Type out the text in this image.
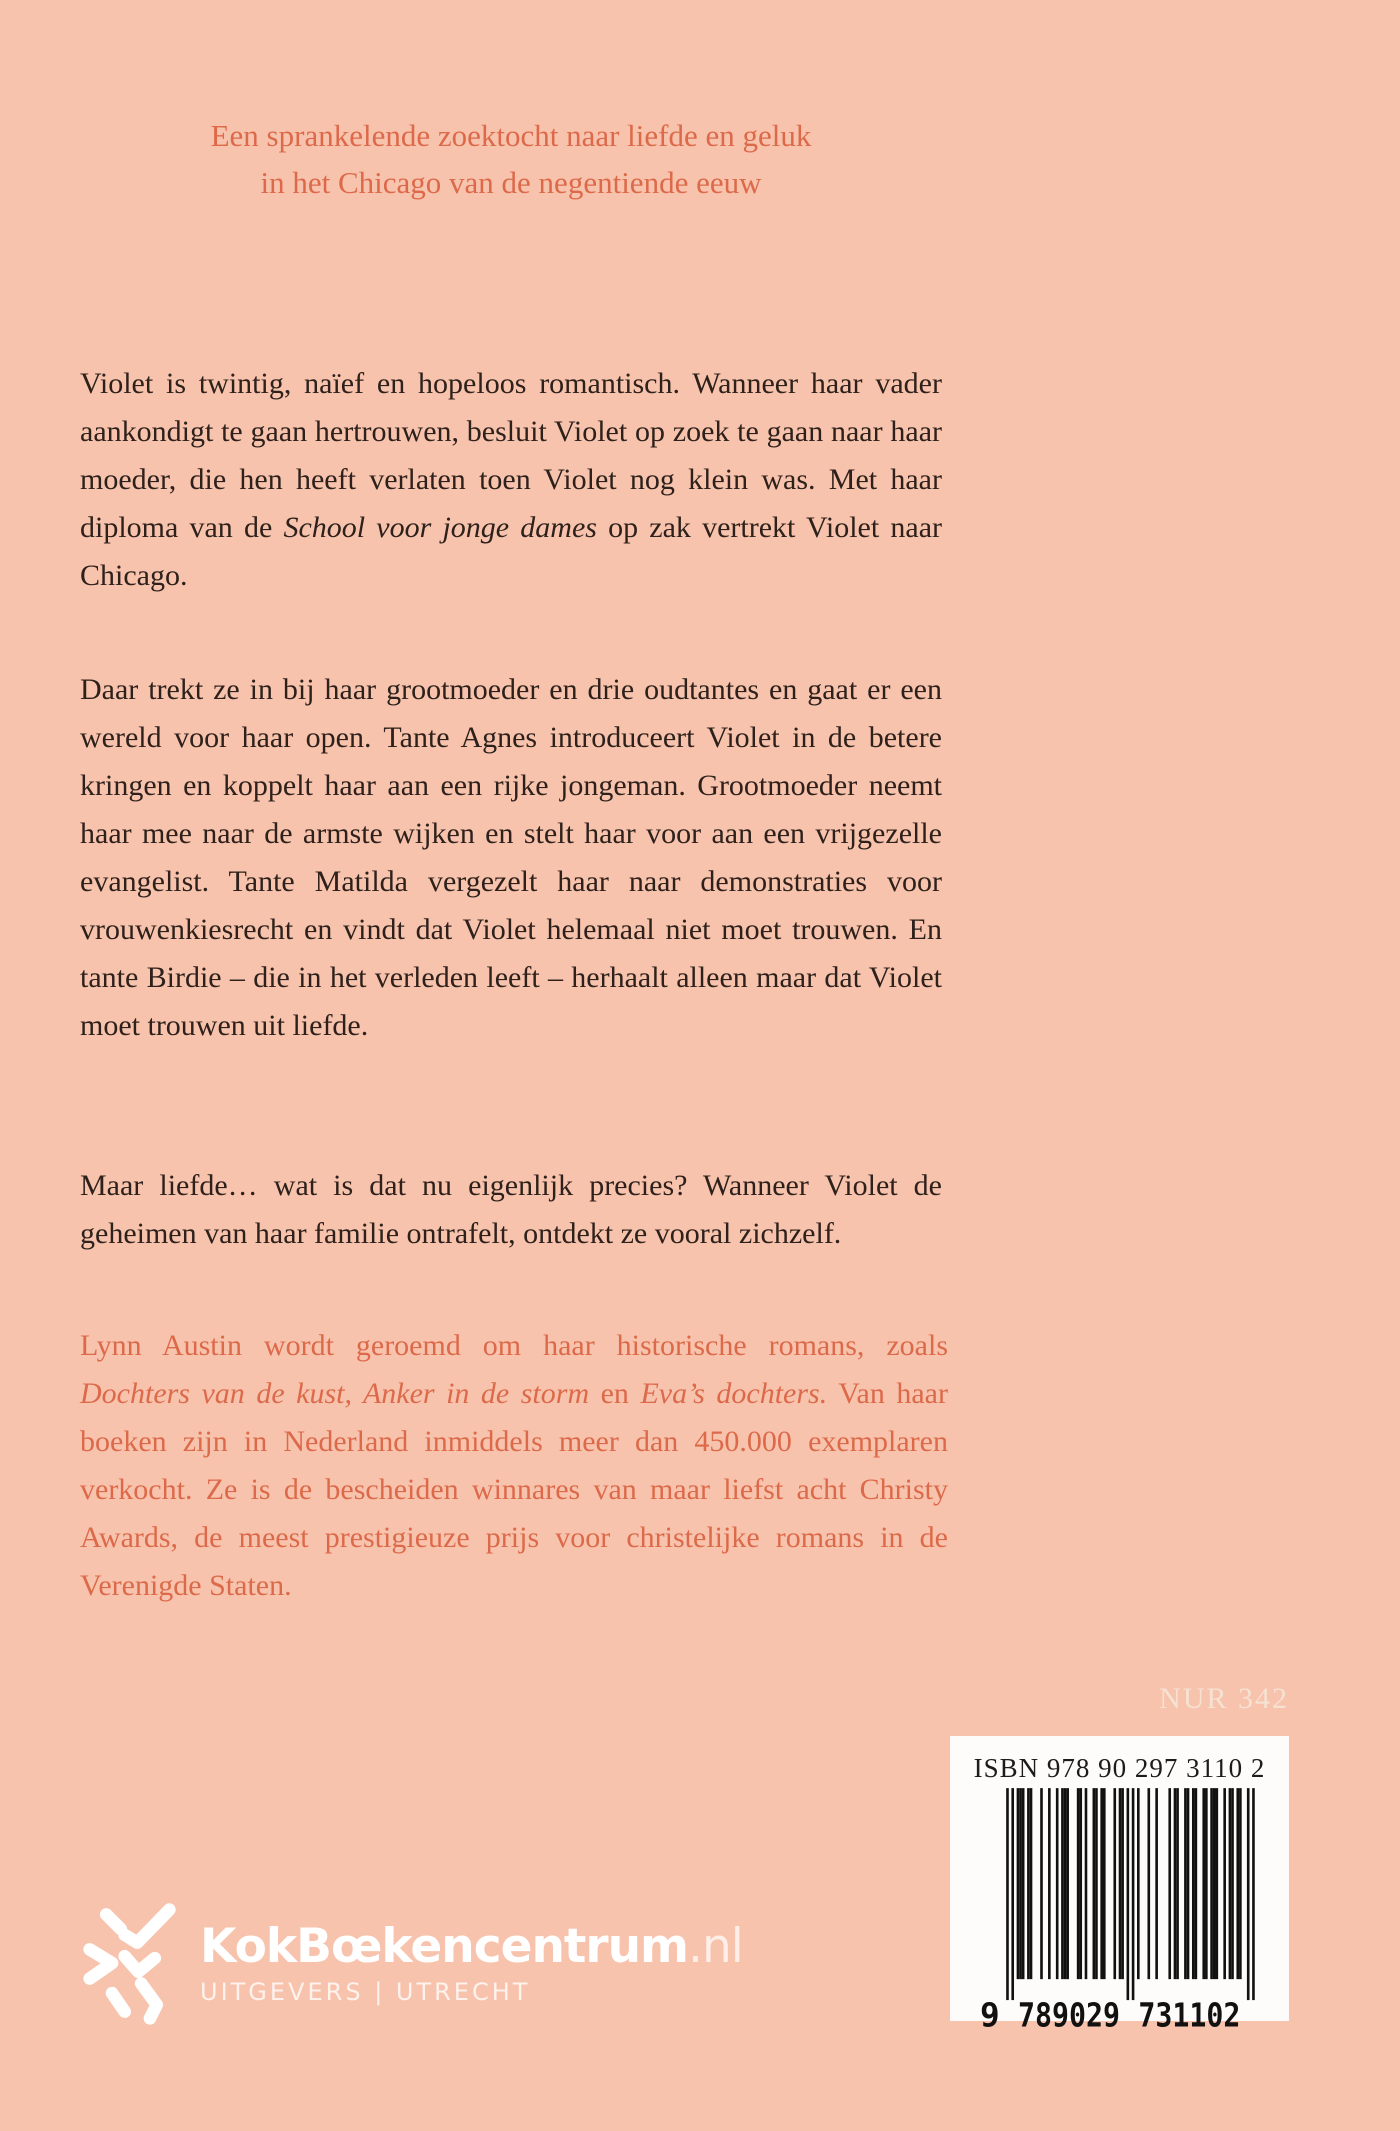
Een sprankelende zoektocht naar liefde en geluk
in het Chicago van de negentiende eeuw

Violet is twintig, naïef en hopeloos romantisch. Wanneer haar vader aankondigt te gaan hertrouwen, besluit Violet op zoek te gaan naar haar moeder, die hen heeft verlaten toen Violet nog klein was. Met haar diploma van de School voor jonge dames op zak vertrekt Violet naar Chicago.

Daar trekt ze in bij haar grootmoeder en drie oudtantes en gaat er een wereld voor haar open. Tante Agnes introduceert Violet in de betere kringen en koppelt haar aan een rijke jongeman. Grootmoeder neemt haar mee naar de armste wijken en stelt haar voor aan een vrijgezelle evangelist. Tante Matilda vergezelt haar naar demonstraties voor vrouwenkiesrecht en vindt dat Violet helemaal niet moet trouwen. En tante Birdie – die in het verleden leeft – herhaalt alleen maar dat Violet moet trouwen uit liefde.

Maar liefde… wat is dat nu eigenlijk precies? Wanneer Violet de geheimen van haar familie ontrafelt, ontdekt ze vooral zichzelf.

Lynn Austin wordt geroemd om haar historische romans, zoals Dochters van de kust, Anker in de storm en Eva’s dochters. Van haar boeken zijn in Nederland inmiddels meer dan 450.000 exemplaren verkocht. Ze is de bescheiden winnares van maar liefst acht Christy Awards, de meest prestigieuze prijs voor christelijke romans in de Verenigde Staten.

NUR 342
ISBN 978 90 297 3110 2
9 789029 731102
KokBœkencentrum.nl
UITGEVERS | UTRECHT
